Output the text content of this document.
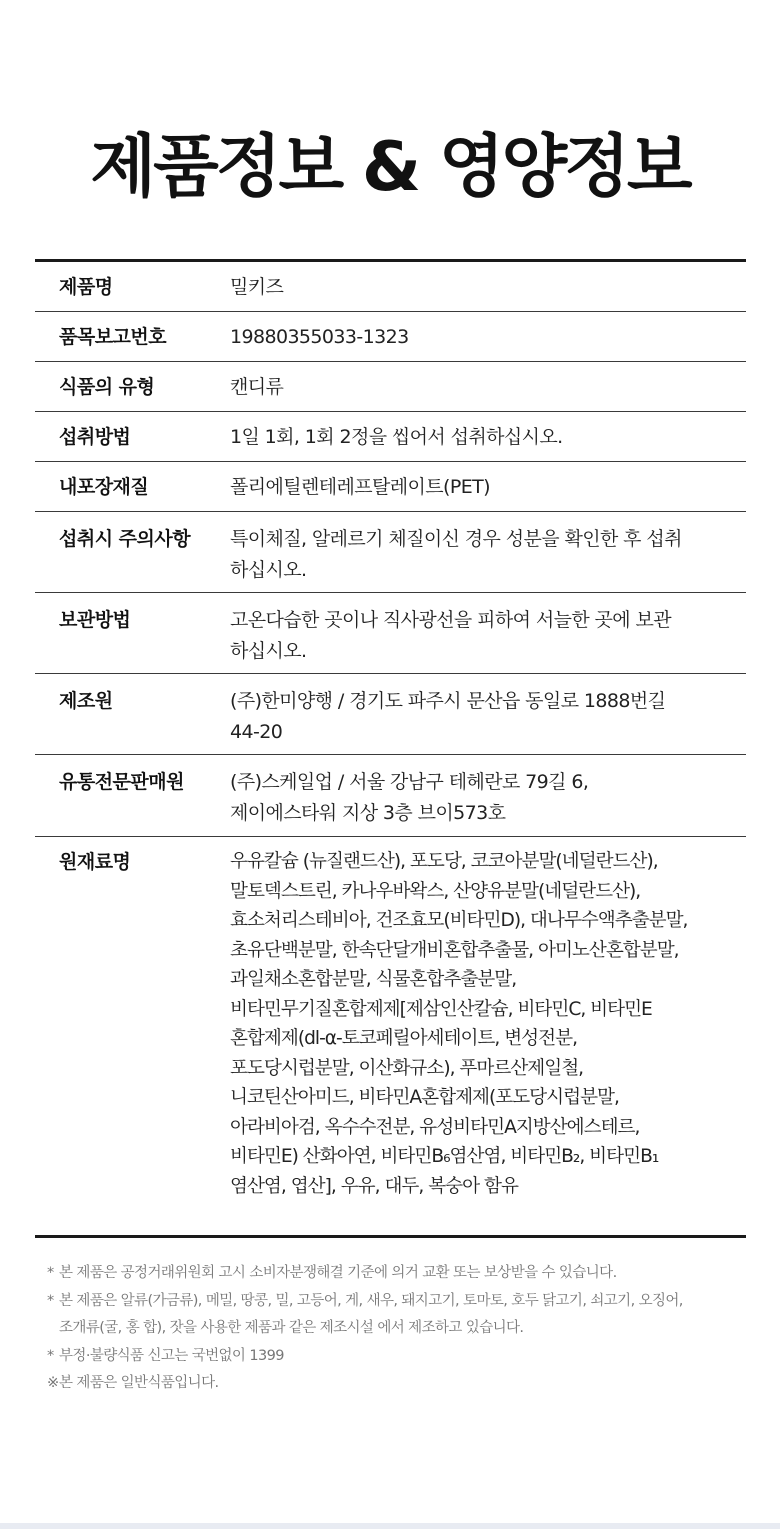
제품정보 & 영양정보
제품명	밀키즈
품목보고번호	19880355033-1323
식품의 유형	캔디류
섭취방법	1일 1회, 1회 2정을 씹어서 섭취하십시오.
내포장재질	폴리에틸렌테레프탈레이트(PET)
섭취시 주의사항	특이체질, 알레르기 체질이신 경우 성분을 확인한 후 섭취
하십시오.
보관방법	고온다습한 곳이나 직사광선을 피하여 서늘한 곳에 보관
하십시오.
제조원	(주)한미양행 / 경기도 파주시 문산읍 동일로 1888번길
44-20
유통전문판매원	(주)스케일업 / 서울 강남구 테헤란로 79길 6,
제이에스타워 지상 3층 브이573호
원재료명	우유칼슘 (뉴질랜드산), 포도당, 코코아분말(네덜란드산),
말토덱스트린, 카나우바왁스, 산양유분말(네덜란드산),
효소처리스테비아, 건조효모(비타민D), 대나무수액추출분말,
초유단백분말, 한속단달개비혼합추출물, 아미노산혼합분말,
과일채소혼합분말, 식물혼합추출분말,
비타민무기질혼합제제[제삼인산칼슘, 비타민C, 비타민E
혼합제제(dl-α-토코페릴아세테이트, 변성전분,
포도당시럽분말, 이산화규소), 푸마르산제일철,
니코틴산아미드, 비타민A혼합제제(포도당시럽분말,
아라비아검, 옥수수전분, 유성비타민A지방산에스테르,
비타민E) 산화아연, 비타민B₆염산염, 비타민B₂, 비타민B₁
염산염, 엽산], 우유, 대두, 복숭아 함유
* 본 제품은 공정거래위원회 고시 소비자분쟁해결 기준에 의거 교환 또는 보상받을 수 있습니다.
* 본 제품은 알류(가금류), 메밀, 땅콩, 밀, 고등어, 게, 새우, 돼지고기, 토마토, 호두 닭고기, 쇠고기, 오징어,
조개류(굴, 홍 합), 잣을 사용한 제품과 같은 제조시설 에서 제조하고 있습니다.
* 부정·불량식품 신고는 국번없이 1399
※ 본 제품은 일반식품입니다.
